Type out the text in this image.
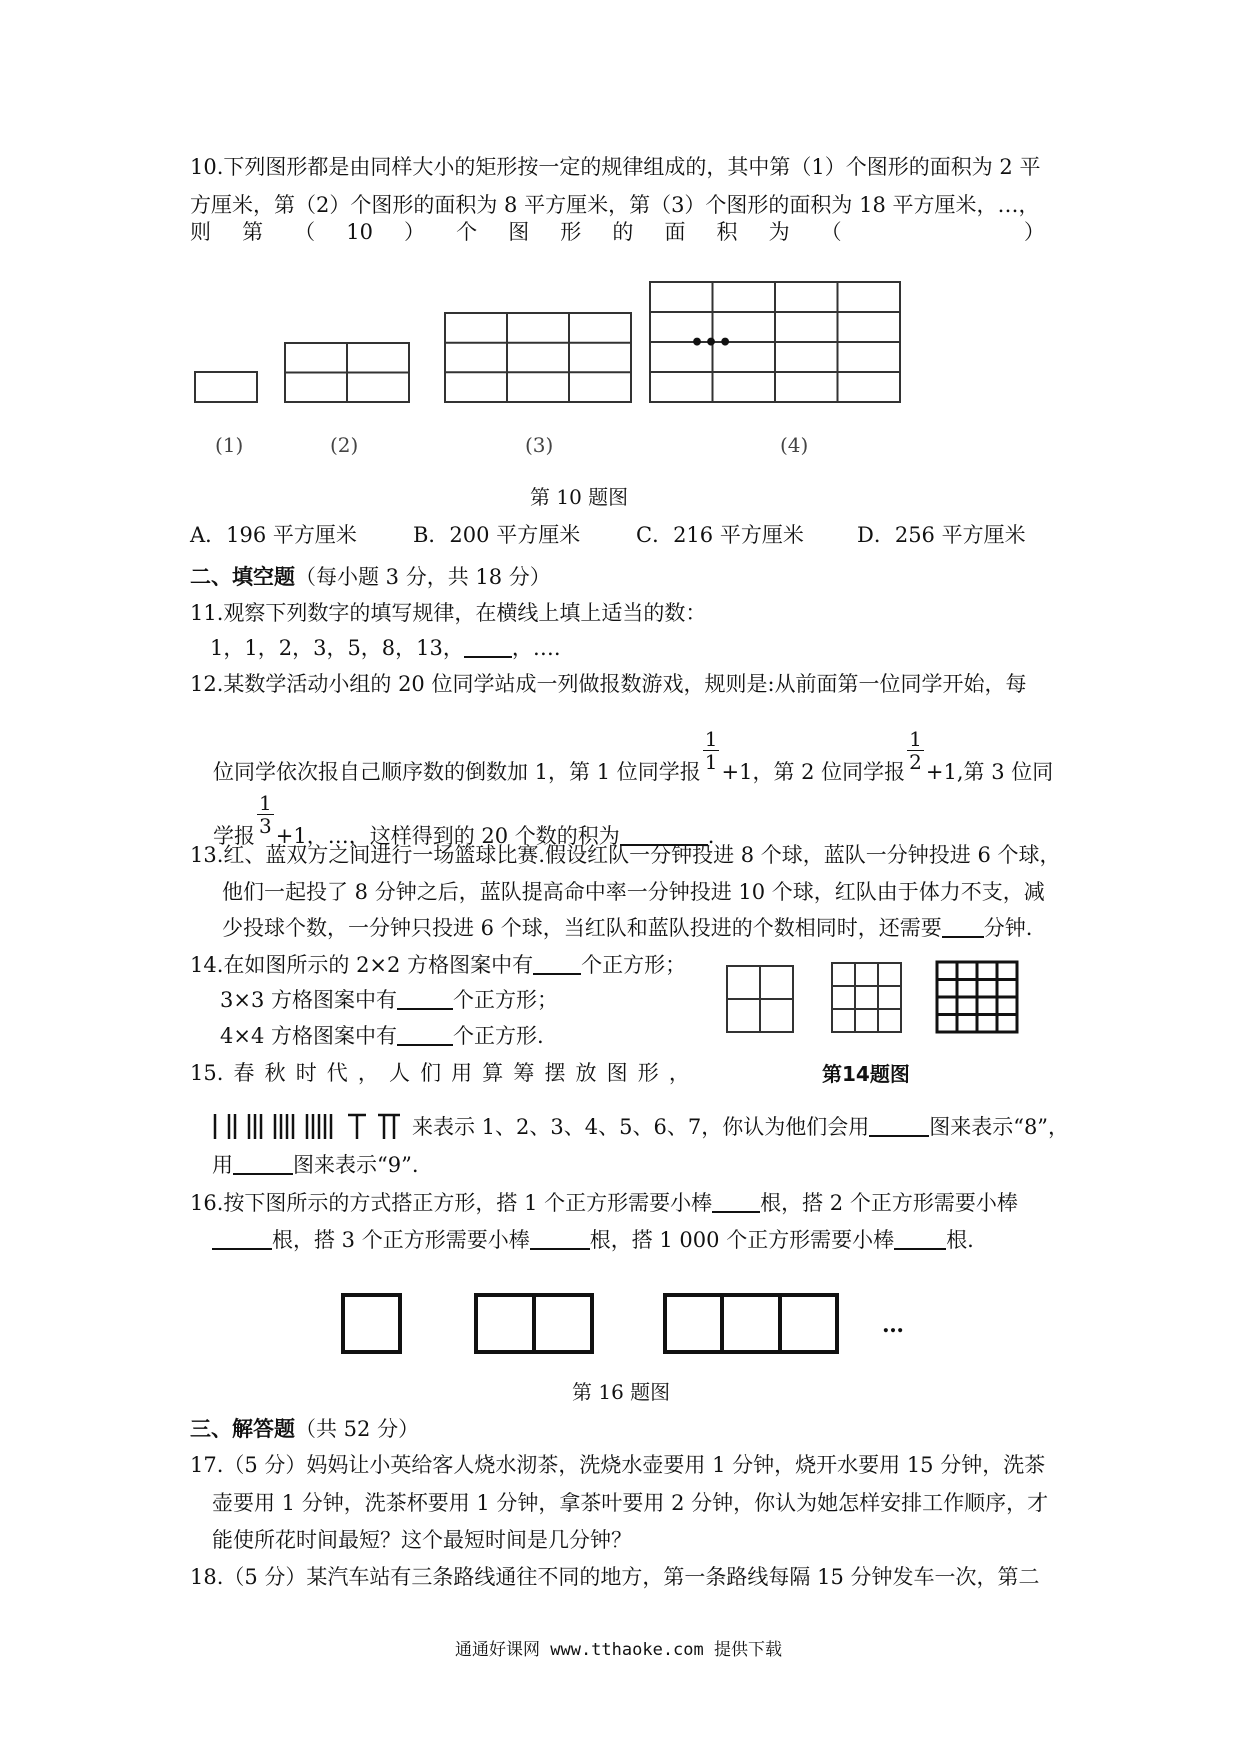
10.下列图形都是由同样大小的矩形按一定的规律组成的，其中第（1）个图形的面积为 2 平
方厘米，第（2）个图形的面积为 8 平方厘米，第（3）个图形的面积为 18 平方厘米，…，
则 第 （ 10 ） 个 图 形 的 面 积 为 （	）
•••
(1)	(2)	(3)	(4)
第 10 题图
A．196 平方厘米	B．200 平方厘米	C．216 平方厘米	D．256 平方厘米
二、填空题（每小题 3 分，共 18 分）
11.观察下列数字的填写规律，在横线上填上适当的数：
1，1，2，3，5，8，13， ，….
12.某数学活动小组的 20 位同学站成一列做报数游戏，规则是:从前面第一位同学开始，每
位同学依次报自己顺序数的倒数加 1，第 1 位同学报 $\frac{1}{1} +1$，第 2 位同学报 $\frac{1}{2} +1$,第 3 位同
学报 $\frac{1}{3} +1$，…，这样得到的 20 个数的积为	.
13.红、蓝双方之间进行一场篮球比赛.假设红队一分钟投进 8 个球，蓝队一分钟投进 6 个球，
他们一起投了 8 分钟之后，蓝队提高命中率一分钟投进 10 个球，红队由于体力不支，减
少投球个数，一分钟只投进 6 个球，当红队和蓝队投进的个数相同时，还需要 分钟.
14.在如图所示的 2×2 方格图案中有 个正方形；
3×3 方格图案中有	个正方形；
4×4 方格图案中有	个正方形.
第14题图
15. 春 秋 时 代 ， 人 们 用 算 筹 摆 放 图 形 ，
来表示 1、2、3、4、5、6、7，你认为他们会用	图来表示“8”，
用	图来表示“9”.
16.按下图所示的方式搭正方形，搭 1 个正方形需要小棒 根，搭 2 个正方形需要小棒
根，搭 3 个正方形需要小棒	根，搭 1 000 个正方形需要小棒 根.
…
第 16 题图
三、解答题（共 52 分）
17.（5 分）妈妈让小英给客人烧水沏茶，洗烧水壶要用 1 分钟，烧开水要用 15 分钟，洗茶
壶要用 1 分钟，洗茶杯要用 1 分钟，拿茶叶要用 2 分钟，你认为她怎样安排工作顺序，才
能使所花时间最短？这个最短时间是几分钟？
18.（5 分）某汽车站有三条路线通往不同的地方，第一条路线每隔 15 分钟发车一次，第二
通通好课网 www.tthaoke.com 提供下载
